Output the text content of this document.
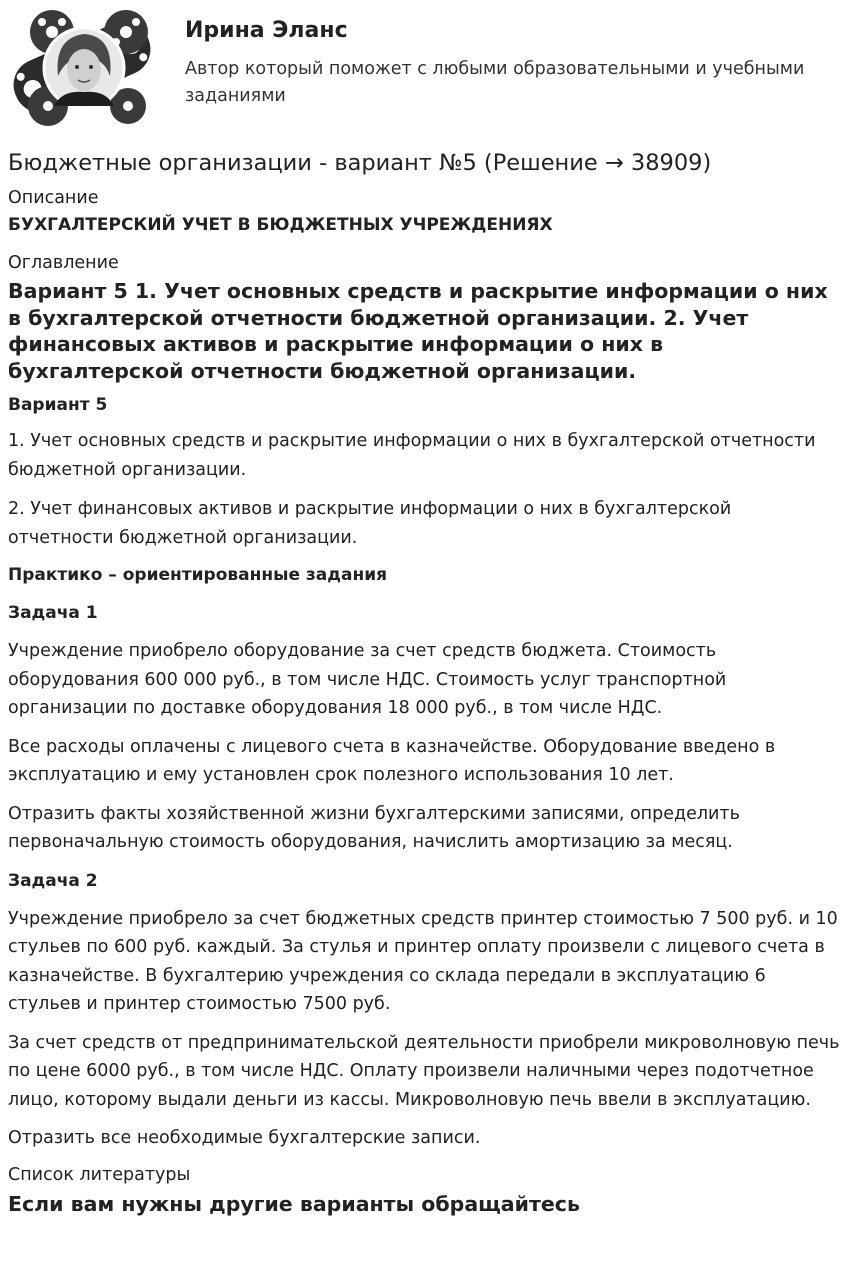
Ирина Эланс
Автор который поможет с любыми образовательными и учебными заданиями
Бюджетные организации - вариант №5 (Решение → 38909)
Описание
БУХГАЛТЕРСКИЙ УЧЕТ В БЮДЖЕТНЫХ УЧРЕЖДЕНИЯХ
Оглавление
Вариант 5 1. Учет основных средств и раскрытие информации о них в бухгалтерской отчетности бюджетной организации. 2. Учет финансовых активов и раскрытие информации о них в бухгалтерской отчетности бюджетной организации.
Вариант 5
1. Учет основных средств и раскрытие информации о них в бухгалтерской отчетности бюджетной организации.
2. Учет финансовых активов и раскрытие информации о них в бухгалтерской отчетности бюджетной организации.
Практико – ориентированные задания
Задача 1
Учреждение приобрело оборудование за счет средств бюджета. Стоимость оборудования 600 000 руб., в том числе НДС. Стоимость услуг транспортной организации по доставке оборудования 18 000 руб., в том числе НДС.
Все расходы оплачены с лицевого счета в казначействе. Оборудование введено в эксплуатацию и ему установлен срок полезного использования 10 лет.
Отразить факты хозяйственной жизни бухгалтерскими записями, определить первоначальную стоимость оборудования, начислить амортизацию за месяц.
Задача 2
Учреждение приобрело за счет бюджетных средств принтер стоимостью 7 500 руб. и 10 стульев по 600 руб. каждый. За стулья и принтер оплату произвели с лицевого счета в казначействе. В бухгалтерию учреждения со склада передали в эксплуатацию 6 стульев и принтер стоимостью 7500 руб.
За счет средств от предпринимательской деятельности приобрели микроволновую печь по цене 6000 руб., в том числе НДС. Оплату произвели наличными через подотчетное лицо, которому выдали деньги из кассы. Микроволновую печь ввели в эксплуатацию.
Отразить все необходимые бухгалтерские записи.
Список литературы
Если вам нужны другие варианты обращайтесь
